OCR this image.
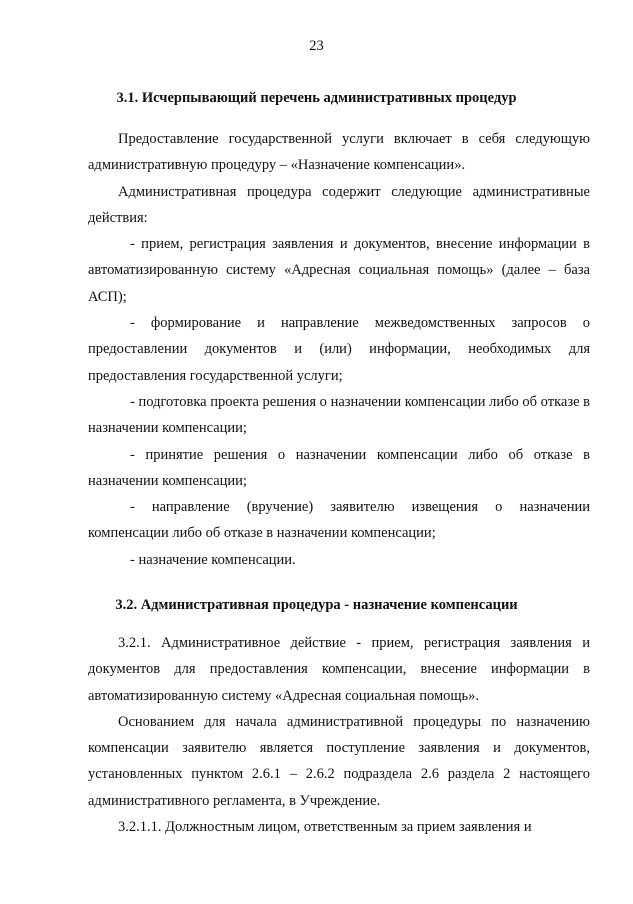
23
3.1. Исчерпывающий перечень административных процедур

Предоставление государственной услуги включает в себя следующую административную процедуру – «Назначение компенсации».

Административная процедура содержит следующие административные действия:

- прием, регистрация заявления и документов, внесение информации в автоматизированную систему «Адресная социальная помощь» (далее – база АСП);

- формирование и направление межведомственных запросов о предоставлении документов и (или) информации, необходимых для предоставления государственной услуги;

- подготовка проекта решения о назначении компенсации либо об отказе в назначении компенсации;

- принятие решения о назначении компенсации либо об отказе в назначении компенсации;

- направление (вручение) заявителю извещения о назначении компенсации либо об отказе в назначении компенсации;

- назначение компенсации.

3.2. Административная процедура - назначение компенсации

3.2.1. Административное действие - прием, регистрация заявления и документов для предоставления компенсации, внесение информации в автоматизированную систему «Адресная социальная помощь».

Основанием для начала административной процедуры по назначению компенсации заявителю является поступление заявления и документов, установленных пунктом 2.6.1 – 2.6.2 подраздела 2.6 раздела 2 настоящего административного регламента, в Учреждение.

3.2.1.1. Должностным лицом, ответственным за прием заявления и
